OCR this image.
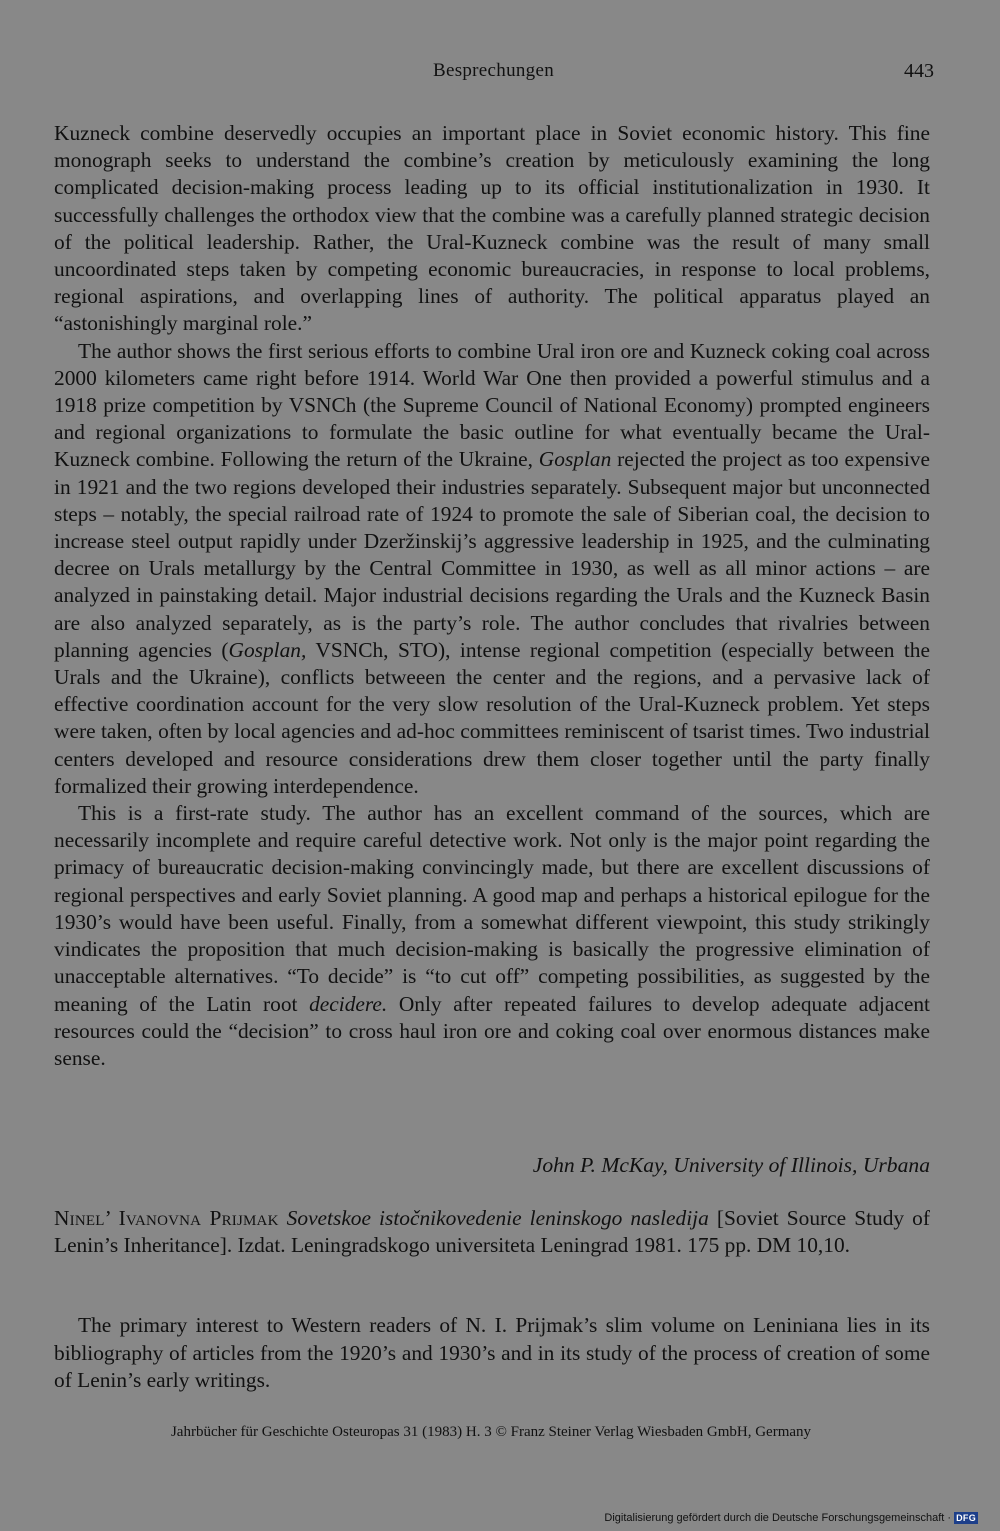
Besprechungen	443

Kuzneck combine deservedly occupies an important place in Soviet economic history. This fine monograph seeks to understand the combine’s creation by meticulously examining the long complicated decision-making process leading up to its official institutionalization in 1930. It successfully challenges the orthodox view that the combine was a carefully planned strategic decision of the political leadership. Rather, the Ural-Kuzneck combine was the result of many small uncoordinated steps taken by competing economic bureaucracies, in response to local problems, regional aspirations, and overlapping lines of authority. The political apparatus played an “astonishingly marginal role.”

The author shows the first serious efforts to combine Ural iron ore and Kuzneck coking coal across 2000 kilometers came right before 1914. World War One then provided a powerful stimulus and a 1918 prize competition by VSNCh (the Supreme Council of National Economy) prompted engineers and regional organizations to formulate the basic outline for what eventually became the Ural-Kuzneck combine. Following the return of the Ukraine, Gosplan rejected the project as too expensive in 1921 and the two regions developed their industries separately. Subsequent major but unconnected steps – notably, the special railroad rate of 1924 to promote the sale of Siberian coal, the decision to increase steel output rapidly under Dzeržinskij’s aggressive leadership in 1925, and the culminating decree on Urals metallurgy by the Central Committee in 1930, as well as all minor actions – are analyzed in painstaking detail. Major industrial decisions regarding the Urals and the Kuzneck Basin are also analyzed separately, as is the party’s role. The author concludes that rivalries between planning agencies (Gosplan, VSNCh, STO), intense regional competition (especially between the Urals and the Ukraine), conflicts betweeen the center and the regions, and a pervasive lack of effective coordination account for the very slow resolution of the Ural-Kuzneck problem. Yet steps were taken, often by local agencies and ad-hoc committees reminiscent of tsarist times. Two industrial centers developed and resource considerations drew them closer together until the party finally formalized their growing interdependence.

This is a first-rate study. The author has an excellent command of the sources, which are necessarily incomplete and require careful detective work. Not only is the major point regarding the primacy of bureaucratic decision-making convincingly made, but there are excellent discussions of regional perspectives and early Soviet planning. A good map and perhaps a historical epilogue for the 1930’s would have been useful. Finally, from a somewhat different viewpoint, this study strikingly vindicates the proposition that much decision-making is basically the progressive elimination of unacceptable alternatives. “To decide” is “to cut off” competing possibilities, as suggested by the meaning of the Latin root decidere. Only after repeated failures to develop adequate adjacent resources could the “decision” to cross haul iron ore and coking coal over enormous distances make sense.

John P. McKay, University of Illinois, Urbana
Ninel’ Ivanovna Prijmak Sovetskoe istočnikovedenie leninskogo nasledija [Soviet Source Study of Lenin’s Inheritance]. Izdat. Leningradskogo universiteta Leningrad 1981. 175 pp. DM 10,10.
The primary interest to Western readers of N. I. Prijmak’s slim volume on Leniniana lies in its bibliography of articles from the 1920’s and 1930’s and in its study of the process of creation of some of Lenin’s early writings.
Jahrbücher für Geschichte Osteuropas 31 (1983) H. 3 © Franz Steiner Verlag Wiesbaden GmbH, Germany
Digitalisierung gefördert durch die Deutsche Forschungsgemeinschaft · DFG
